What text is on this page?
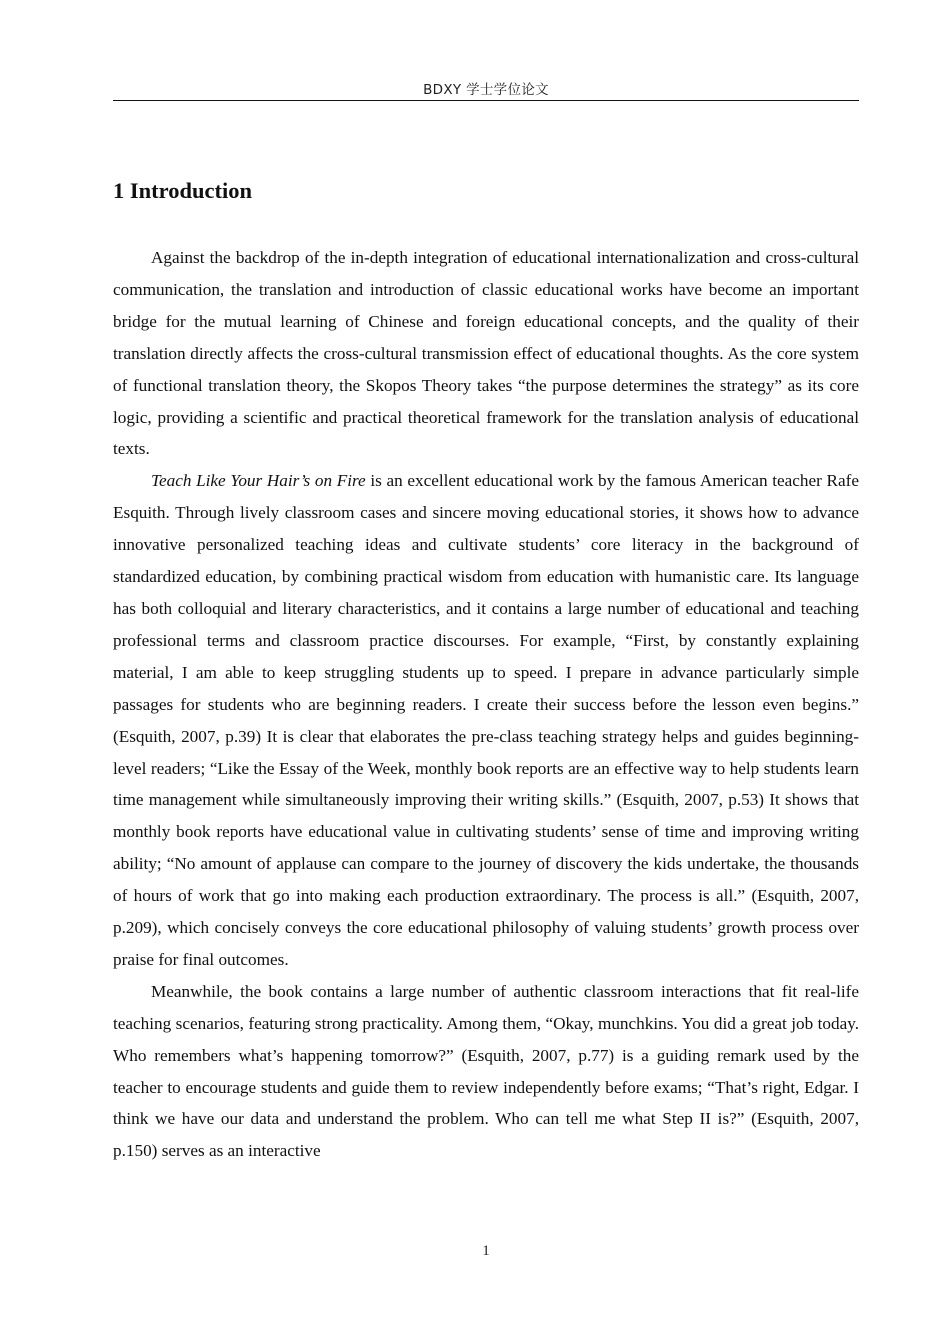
BDXY 学士学位论文
1 Introduction

Against the backdrop of the in-depth integration of educational internationalization and cross-cultural communication, the translation and introduction of classic educational works have become an important bridge for the mutual learning of Chinese and foreign educational concepts, and the quality of their translation directly affects the cross-cultural transmission effect of educational thoughts. As the core system of functional translation theory, the Skopos Theory takes “the purpose determines the strategy” as its core logic, providing a scientific and practical theoretical framework for the translation analysis of educational texts.

Teach Like Your Hair’s on Fire is an excellent educational work by the famous American teacher Rafe Esquith. Through lively classroom cases and sincere moving educational stories, it shows how to advance innovative personalized teaching ideas and cultivate students’ core literacy in the background of standardized education, by combining practical wisdom from education with humanistic care. Its language has both colloquial and literary characteristics, and it contains a large number of educational and teaching professional terms and classroom practice discourses. For example, “First, by constantly explaining material, I am able to keep struggling students up to speed. I prepare in advance particularly simple passages for students who are beginning readers. I create their success before the lesson even begins.” (Esquith, 2007, p.39) It is clear that elaborates the pre-class teaching strategy helps and guides beginning-level readers; “Like the Essay of the Week, monthly book reports are an effective way to help students learn time management while simultaneously improving their writing skills.” (Esquith, 2007, p.53) It shows that monthly book reports have educational value in cultivating students’ sense of time and improving writing ability; “No amount of applause can compare to the journey of discovery the kids undertake, the thousands of hours of work that go into making each production extraordinary. The process is all.” (Esquith, 2007, p.209), which concisely conveys the core educational philosophy of valuing students’ growth process over praise for final outcomes.

Meanwhile, the book contains a large number of authentic classroom interactions that fit real-life teaching scenarios, featuring strong practicality. Among them, “Okay, munchkins. You did a great job today. Who remembers what’s happening tomorrow?” (Esquith, 2007, p.77) is a guiding remark used by the teacher to encourage students and guide them to review independently before exams; “That’s right, Edgar. I think we have our data and understand the problem. Who can tell me what Step II is?” (Esquith, 2007, p.150) serves as an interactive

1
